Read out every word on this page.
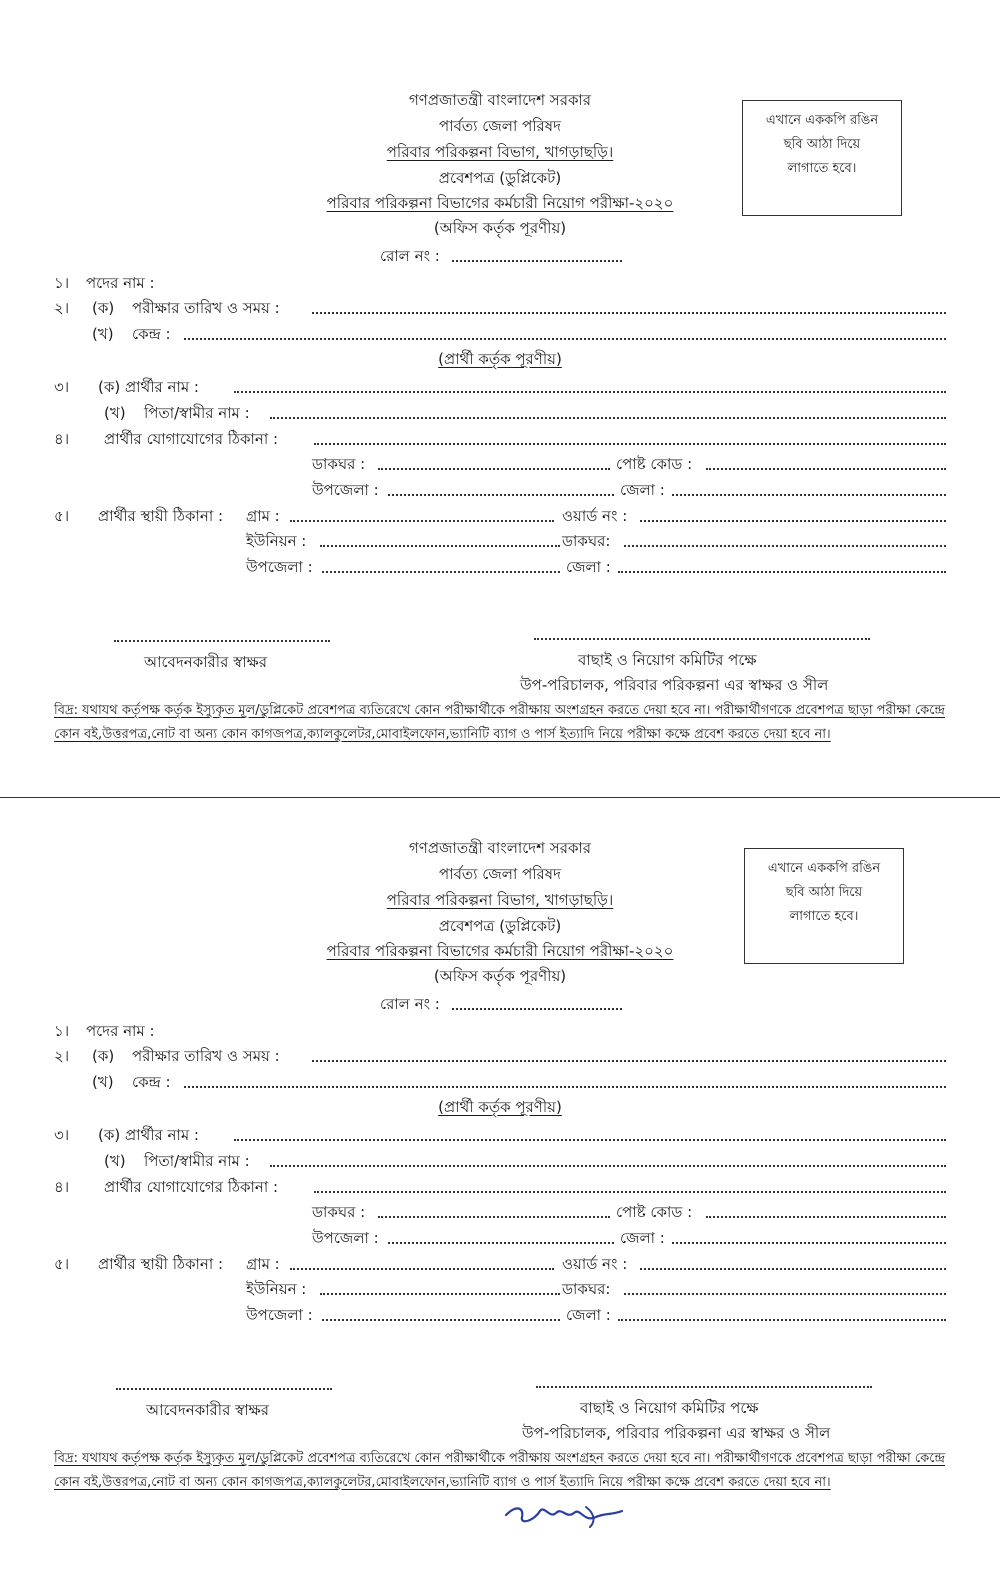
গণপ্রজাতন্ত্রী বাংলাদেশ সরকার
পার্বত্য জেলা পরিষদ
পরিবার পরিকল্পনা বিভাগ, খাগড়াছড়ি।
প্রবেশপত্র (ডুপ্লিকেট)
পরিবার পরিকল্পনা বিভাগের কর্মচারী নিয়োগ পরীক্ষা-২০২০
(অফিস কর্তৃক পূরণীয়)
রোল নং :
এখানে এককপি রঙিন
ছবি আঠা দিয়ে
লাগাতে হবে।
১। পদের নাম :
২। (ক) পরীক্ষার তারিখ ও সময় :
(খ) কেন্দ্র :
(প্রার্থী কর্তৃক পূরণীয়)
৩। (ক) প্রার্থীর নাম :
(খ) পিতা/স্বামীর নাম :
৪। প্রার্থীর যোগাযোগের ঠিকানা :
ডাকঘর :	পোষ্ট কোড :
উপজেলা :	জেলা :
৫। প্রার্থীর স্থায়ী ঠিকানা : গ্রাম :	ওয়ার্ড নং :
ইউনিয়ন :	ডাকঘর:
উপজেলা :	জেলা :
আবেদনকারীর স্বাক্ষর	বাছাই ও নিয়োগ কমিটির পক্ষে
উপ-পরিচালক, পরিবার পরিকল্পনা এর স্বাক্ষর ও সীল
বিদ্র: যথাযথ কর্তৃপক্ষ কর্তৃক ইস্যুকৃত মূল/ডুপ্লিকেট প্রবেশপত্র ব্যতিরেখে কোন পরীক্ষার্থীকে পরীক্ষায় অংশগ্রহন করতে দেয়া হবে না। পরীক্ষার্থীগণকে প্রবেশপত্র ছাড়া পরীক্ষা কেন্দ্রে কোন বই,উত্তরপত্র,নোট বা অন্য কোন কাগজপত্র,ক্যালকুলেটর,মোবাইলফোন,ভ্যানিটি ব্যাগ ও পার্স ইত্যাদি নিয়ে পরীক্ষা কক্ষে প্রবেশ করতে দেয়া হবে না।
গণপ্রজাতন্ত্রী বাংলাদেশ সরকার
পার্বত্য জেলা পরিষদ
পরিবার পরিকল্পনা বিভাগ, খাগড়াছড়ি।
প্রবেশপত্র (ডুপ্লিকেট)
পরিবার পরিকল্পনা বিভাগের কর্মচারী নিয়োগ পরীক্ষা-২০২০
(অফিস কর্তৃক পূরণীয়)
রোল নং :
এখানে এককপি রঙিন
ছবি আঠা দিয়ে
লাগাতে হবে।
১। পদের নাম :
২। (ক) পরীক্ষার তারিখ ও সময় :
(খ) কেন্দ্র :
(প্রার্থী কর্তৃক পূরণীয়)
৩। (ক) প্রার্থীর নাম :
(খ) পিতা/স্বামীর নাম :
৪। প্রার্থীর যোগাযোগের ঠিকানা :
ডাকঘর :	পোষ্ট কোড :
উপজেলা :	জেলা :
৫। প্রার্থীর স্থায়ী ঠিকানা : গ্রাম :	ওয়ার্ড নং :
ইউনিয়ন :	ডাকঘর:
উপজেলা :	জেলা :
আবেদনকারীর স্বাক্ষর	বাছাই ও নিয়োগ কমিটির পক্ষে
উপ-পরিচালক, পরিবার পরিকল্পনা এর স্বাক্ষর ও সীল
বিদ্র: যথাযথ কর্তৃপক্ষ কর্তৃক ইস্যুকৃত মূল/ডুপ্লিকেট প্রবেশপত্র ব্যতিরেখে কোন পরীক্ষার্থীকে পরীক্ষায় অংশগ্রহন করতে দেয়া হবে না। পরীক্ষার্থীগণকে প্রবেশপত্র ছাড়া পরীক্ষা কেন্দ্রে কোন বই,উত্তরপত্র,নোট বা অন্য কোন কাগজপত্র,ক্যালকুলেটর,মোবাইলফোন,ভ্যানিটি ব্যাগ ও পার্স ইত্যাদি নিয়ে পরীক্ষা কক্ষে প্রবেশ করতে দেয়া হবে না।
